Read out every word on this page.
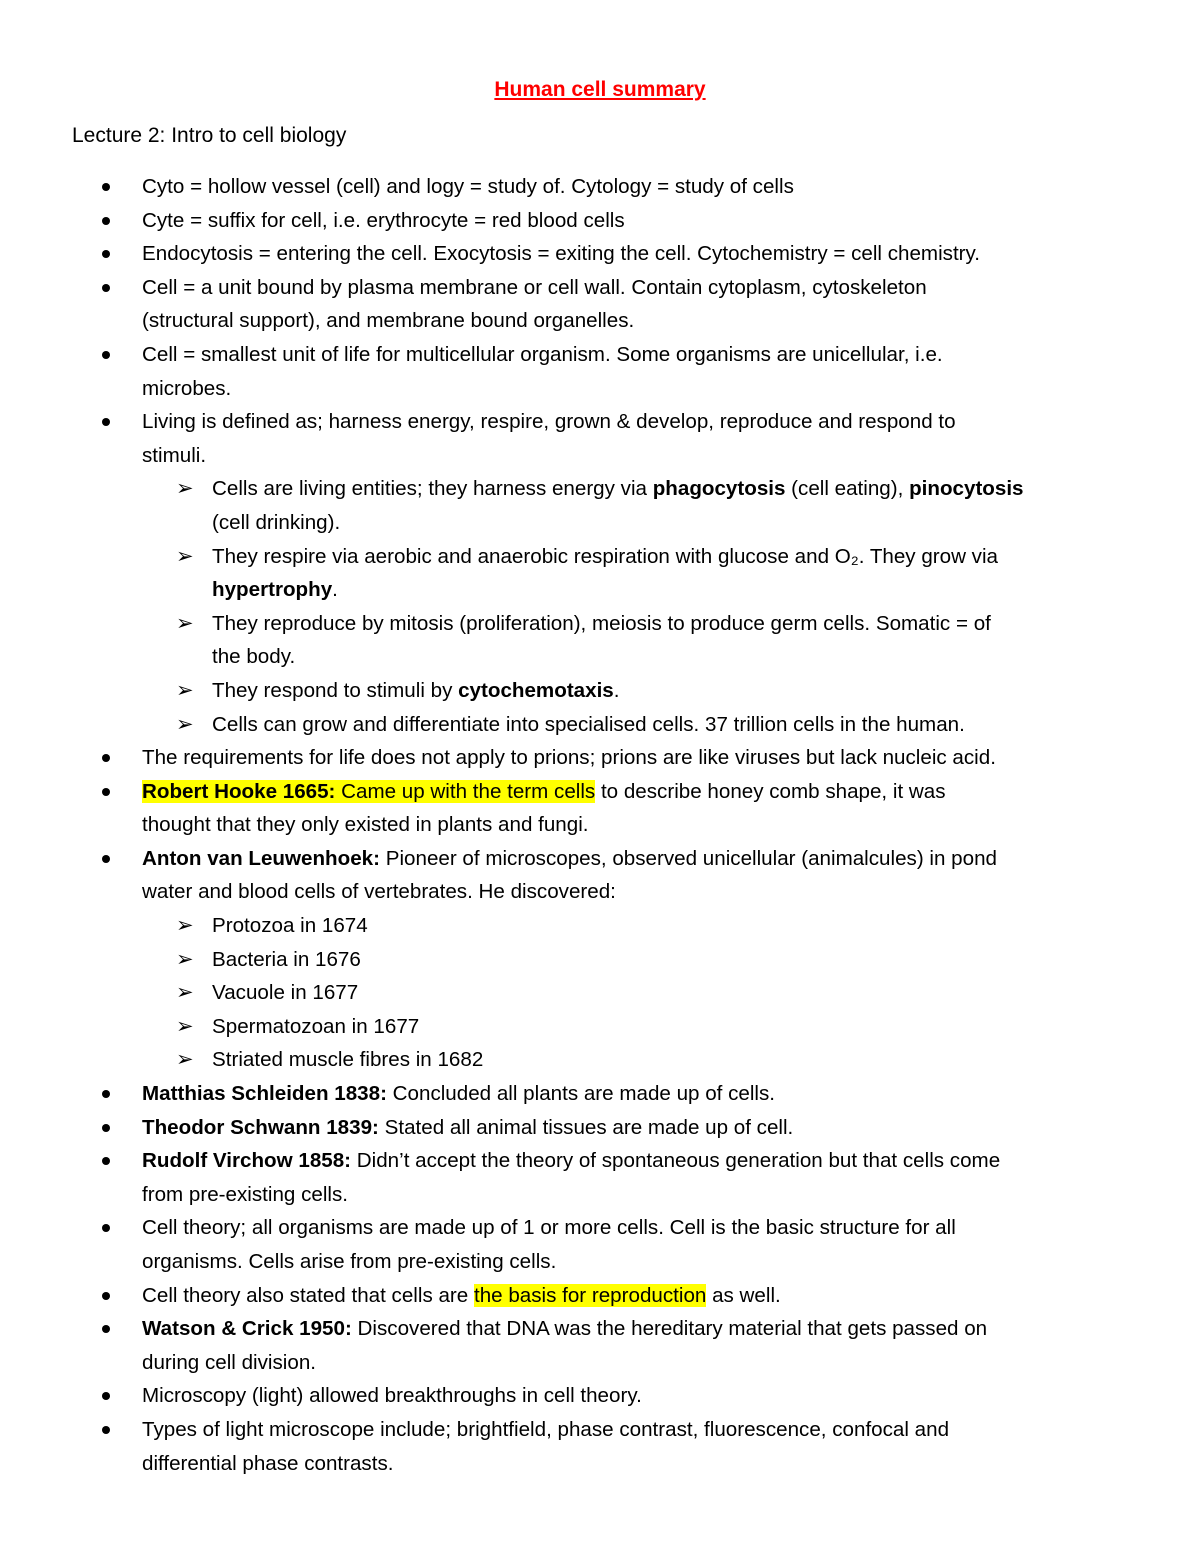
Human cell summary
Lecture 2: Intro to cell biology
Cyto = hollow vessel (cell) and logy = study of. Cytology = study of cells
Cyte = suffix for cell, i.e. erythrocyte = red blood cells
Endocytosis = entering the cell. Exocytosis = exiting the cell. Cytochemistry = cell chemistry.
Cell = a unit bound by plasma membrane or cell wall. Contain cytoplasm, cytoskeleton
(structural support), and membrane bound organelles.
Cell = smallest unit of life for multicellular organism. Some organisms are unicellular, i.e.
microbes.
Living is defined as; harness energy, respire, grown & develop, reproduce and respond to
stimuli.
➢ Cells are living entities; they harness energy via phagocytosis (cell eating), pinocytosis
(cell drinking).
➢ They respire via aerobic and anaerobic respiration with glucose and O₂. They grow via
hypertrophy.
➢ They reproduce by mitosis (proliferation), meiosis to produce germ cells. Somatic = of
the body.
➢ They respond to stimuli by cytochemotaxis.
➢ Cells can grow and differentiate into specialised cells. 37 trillion cells in the human.
The requirements for life does not apply to prions; prions are like viruses but lack nucleic acid.
Robert Hooke 1665: Came up with the term cells to describe honey comb shape, it was
thought that they only existed in plants and fungi.
Anton van Leuwenhoek: Pioneer of microscopes, observed unicellular (animalcules) in pond
water and blood cells of vertebrates. He discovered:
➢ Protozoa in 1674
➢ Bacteria in 1676
➢ Vacuole in 1677
➢ Spermatozoan in 1677
➢ Striated muscle fibres in 1682
Matthias Schleiden 1838: Concluded all plants are made up of cells.
Theodor Schwann 1839: Stated all animal tissues are made up of cell.
Rudolf Virchow 1858: Didn’t accept the theory of spontaneous generation but that cells come
from pre-existing cells.
Cell theory; all organisms are made up of 1 or more cells. Cell is the basic structure for all
organisms. Cells arise from pre-existing cells.
Cell theory also stated that cells are the basis for reproduction as well.
Watson & Crick 1950: Discovered that DNA was the hereditary material that gets passed on
during cell division.
Microscopy (light) allowed breakthroughs in cell theory.
Types of light microscope include; brightfield, phase contrast, fluorescence, confocal and
differential phase contrasts.
